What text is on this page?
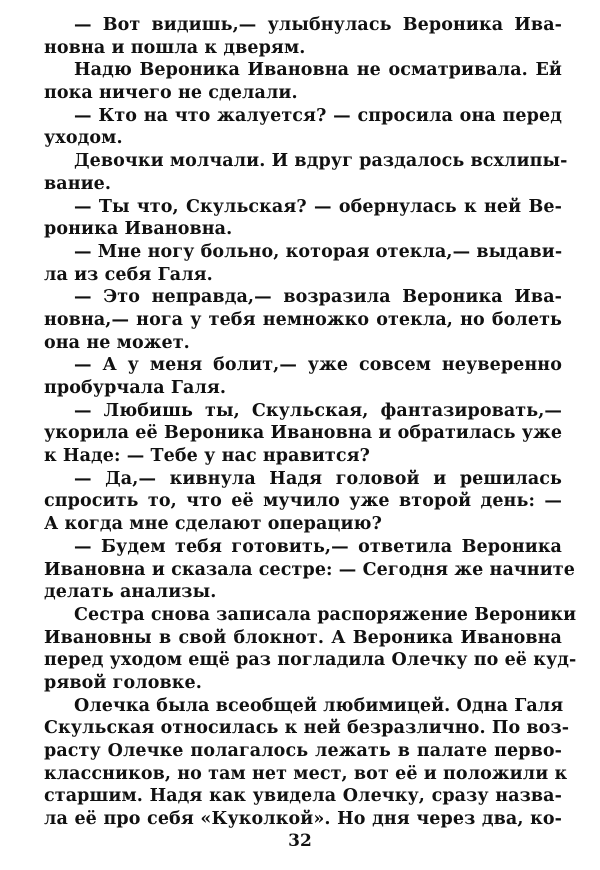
— Вот видишь,— улыбнулась Вероника Ива-
новна и пошла к дверям.
Надю Вероника Ивановна не осматривала. Ей
пока ничего не сделали.
— Кто на что жалуется? — спросила она перед
уходом.
Девочки молчали. И вдруг раздалось всхлипы-
вание.
— Ты что, Скульская? — обернулась к ней Ве-
роника Ивановна.
— Мне ногу больно, которая отекла,— выдави-
ла из себя Галя.
— Это неправда,— возразила Вероника Ива-
новна,— нога у тебя немножко отекла, но болеть
она не может.
— А у меня болит,— уже совсем неуверенно
пробурчала Галя.
— Любишь ты, Скульская, фантазировать,—
укорила её Вероника Ивановна и обратилась уже
к Наде: — Тебе у нас нравится?
— Да,— кивнула Надя головой и решилась
спросить то, что её мучило уже второй день: —
А когда мне сделают операцию?
— Будем тебя готовить,— ответила Вероника
Ивановна и сказала сестре: — Сегодня же начните
делать анализы.
Сестра снова записала распоряжение Вероники
Ивановны в свой блокнот. А Вероника Ивановна
перед уходом ещё раз погладила Олечку по её куд-
рявой головке.
Олечка была всеобщей любимицей. Одна Галя
Скульская относилась к ней безразлично. По воз-
расту Олечке полагалось лежать в палате перво-
классников, но там нет мест, вот её и положили к
старшим. Надя как увидела Олечку, сразу назва-
ла её про себя «Куколкой». Но дня через два, ко-
32
